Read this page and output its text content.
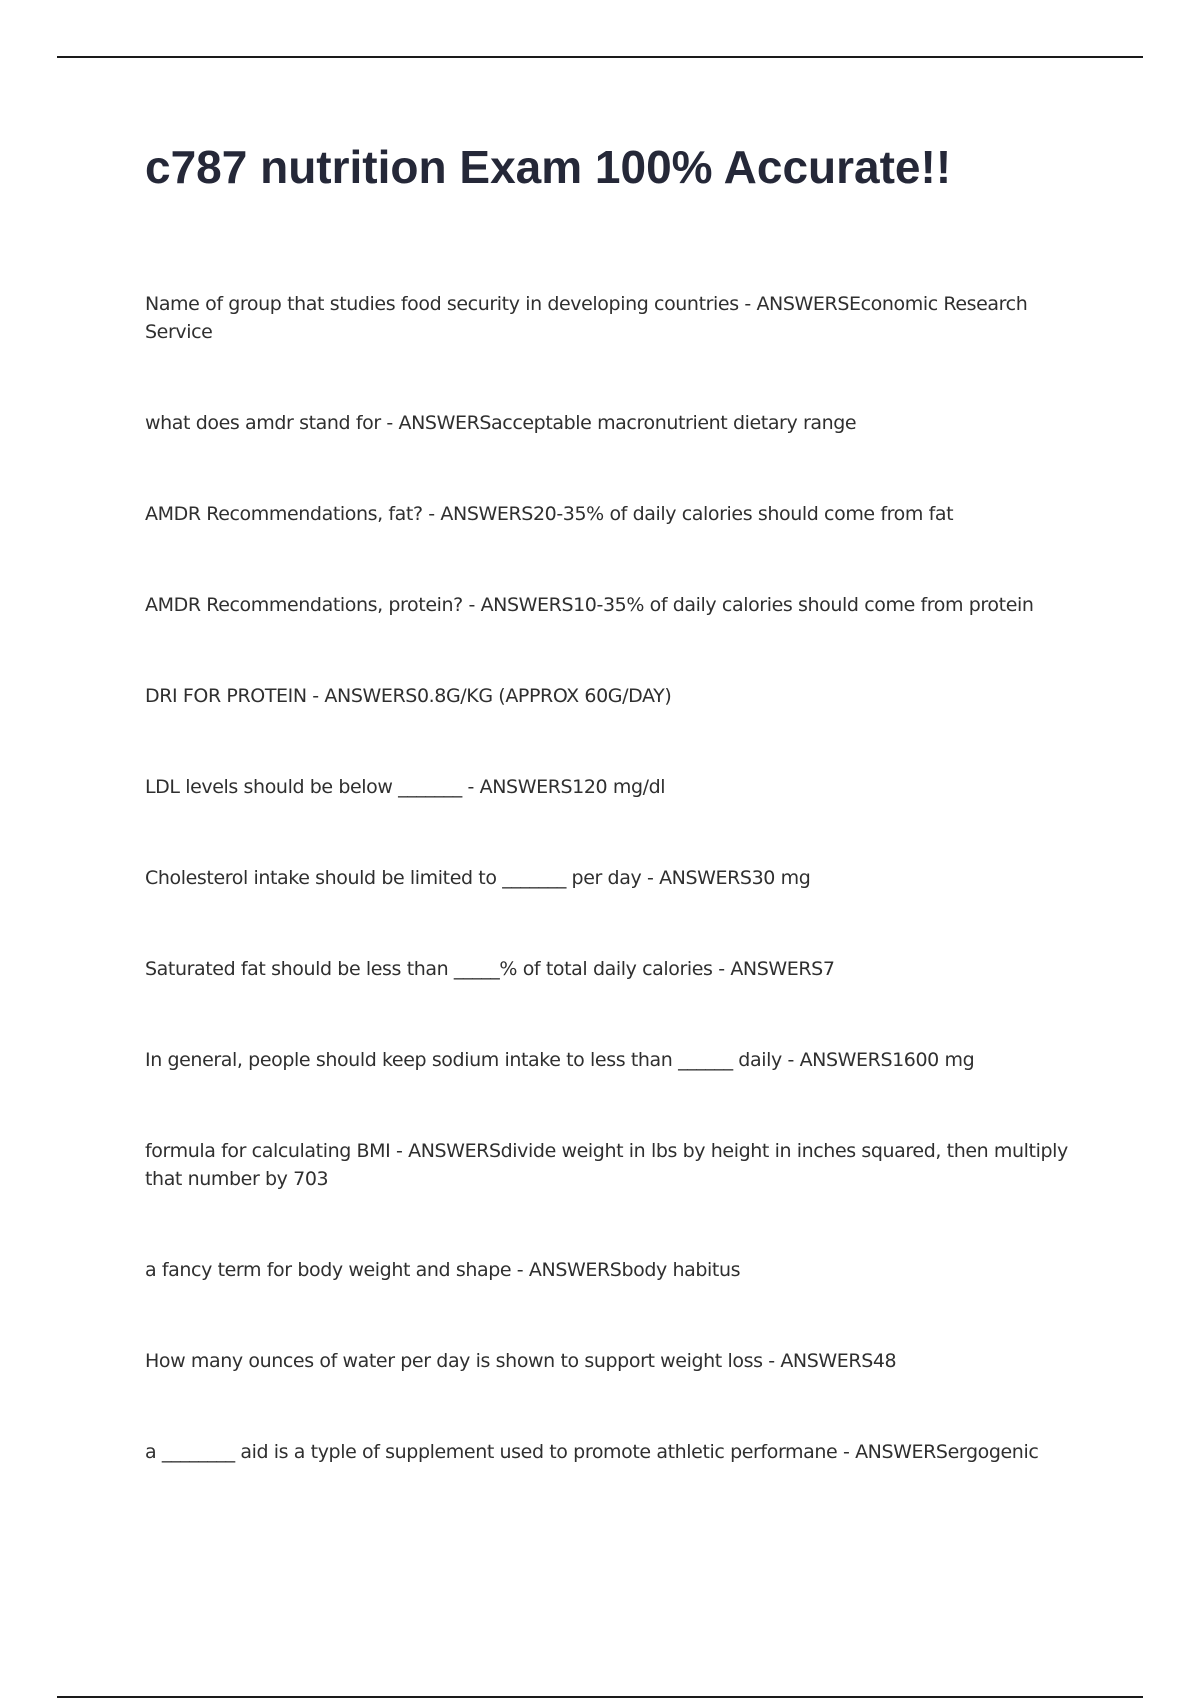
c787 nutrition Exam 100% Accurate!!
Name of group that studies food security in developing countries - ANSWERSEconomic Research Service
what does amdr stand for - ANSWERSacceptable macronutrient dietary range
AMDR Recommendations, fat? - ANSWERS20-35% of daily calories should come from fat
AMDR Recommendations, protein? - ANSWERS10-35% of daily calories should come from protein
DRI FOR PROTEIN - ANSWERS0.8G/KG (APPROX 60G/DAY)
LDL levels should be below _______ - ANSWERS120 mg/dl
Cholesterol intake should be limited to _______ per day - ANSWERS30 mg
Saturated fat should be less than _____% of total daily calories - ANSWERS7
In general, people should keep sodium intake to less than ______ daily - ANSWERS1600 mg
formula for calculating BMI - ANSWERSdivide weight in lbs by height in inches squared, then multiply that number by 703
a fancy term for body weight and shape - ANSWERSbody habitus
How many ounces of water per day is shown to support weight loss - ANSWERS48
a ________ aid is a typle of supplement used to promote athletic performane - ANSWERSergogenic
